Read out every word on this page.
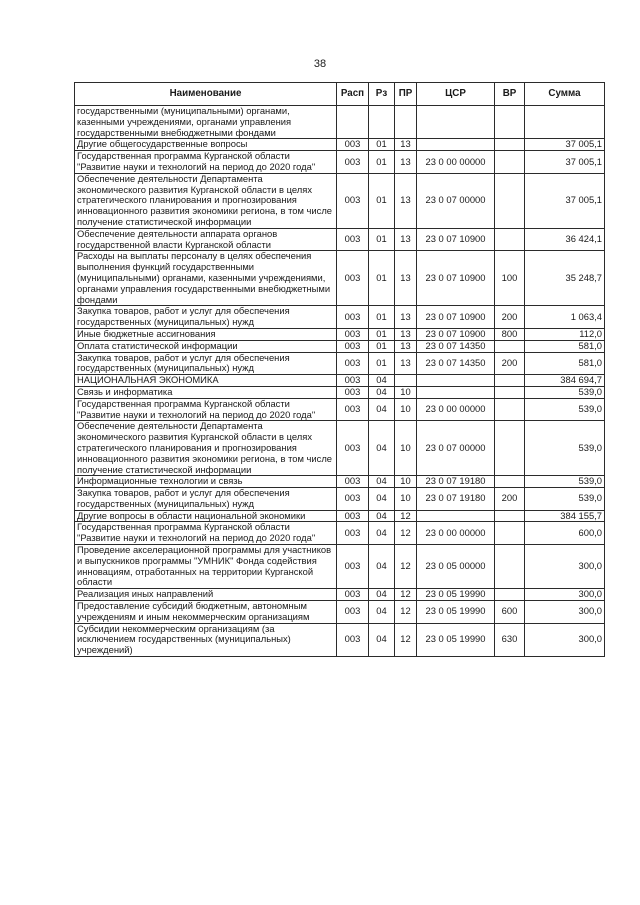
38
Наименование	Расп	Рз	ПР	ЦСР	ВР	Сумма
государственными (муниципальными) органами, казенными учреждениями, органами управления государственными внебюджетными фондами						
Другие общегосударственные вопросы	003	01	13			37 005,1
Государственная программа Курганской области "Развитие науки и технологий на период до 2020 года"	003	01	13	23 0 00 00000		37 005,1
Обеспечение деятельности Департамента экономического развития Курганской области в целях стратегического планирования и прогнозирования инновационного развития экономики региона, в том числе получение статистической информации	003	01	13	23 0 07 00000		37 005,1
Обеспечение деятельности аппарата органов государственной власти Курганской области	003	01	13	23 0 07 10900		36 424,1
Расходы на выплаты персоналу в целях обеспечения выполнения функций государственными (муниципальными) органами, казенными учреждениями, органами управления государственными внебюджетными фондами	003	01	13	23 0 07 10900	100	35 248,7
Закупка товаров, работ и услуг для обеспечения государственных (муниципальных) нужд	003	01	13	23 0 07 10900	200	1 063,4
Иные бюджетные ассигнования	003	01	13	23 0 07 10900	800	112,0
Оплата статистической информации	003	01	13	23 0 07 14350		581,0
Закупка товаров, работ и услуг для обеспечения государственных (муниципальных) нужд	003	01	13	23 0 07 14350	200	581,0
НАЦИОНАЛЬНАЯ ЭКОНОМИКА	003	04				384 694,7
Связь и информатика	003	04	10			539,0
Государственная программа Курганской области "Развитие науки и технологий на период до 2020 года"	003	04	10	23 0 00 00000		539,0
Обеспечение деятельности Департамента экономического развития Курганской области в целях стратегического планирования и прогнозирования инновационного развития экономики региона, в том числе получение статистической информации	003	04	10	23 0 07 00000		539,0
Информационные технологии и связь	003	04	10	23 0 07 19180		539,0
Закупка товаров, работ и услуг для обеспечения государственных (муниципальных) нужд	003	04	10	23 0 07 19180	200	539,0
Другие вопросы в области национальной экономики	003	04	12			384 155,7
Государственная программа Курганской области "Развитие науки и технологий на период до 2020 года"	003	04	12	23 0 00 00000		600,0
Проведение акселерационной программы для участников и выпускников программы "УМНИК" Фонда содействия инновациям, отработанных на территории Курганской области	003	04	12	23 0 05 00000		300,0
Реализация иных направлений	003	04	12	23 0 05 19990		300,0
Предоставление субсидий бюджетным, автономным учреждениям и иным некоммерческим организациям	003	04	12	23 0 05 19990	600	300,0
Субсидии некоммерческим организациям (за исключением государственных (муниципальных) учреждений)	003	04	12	23 0 05 19990	630	300,0
